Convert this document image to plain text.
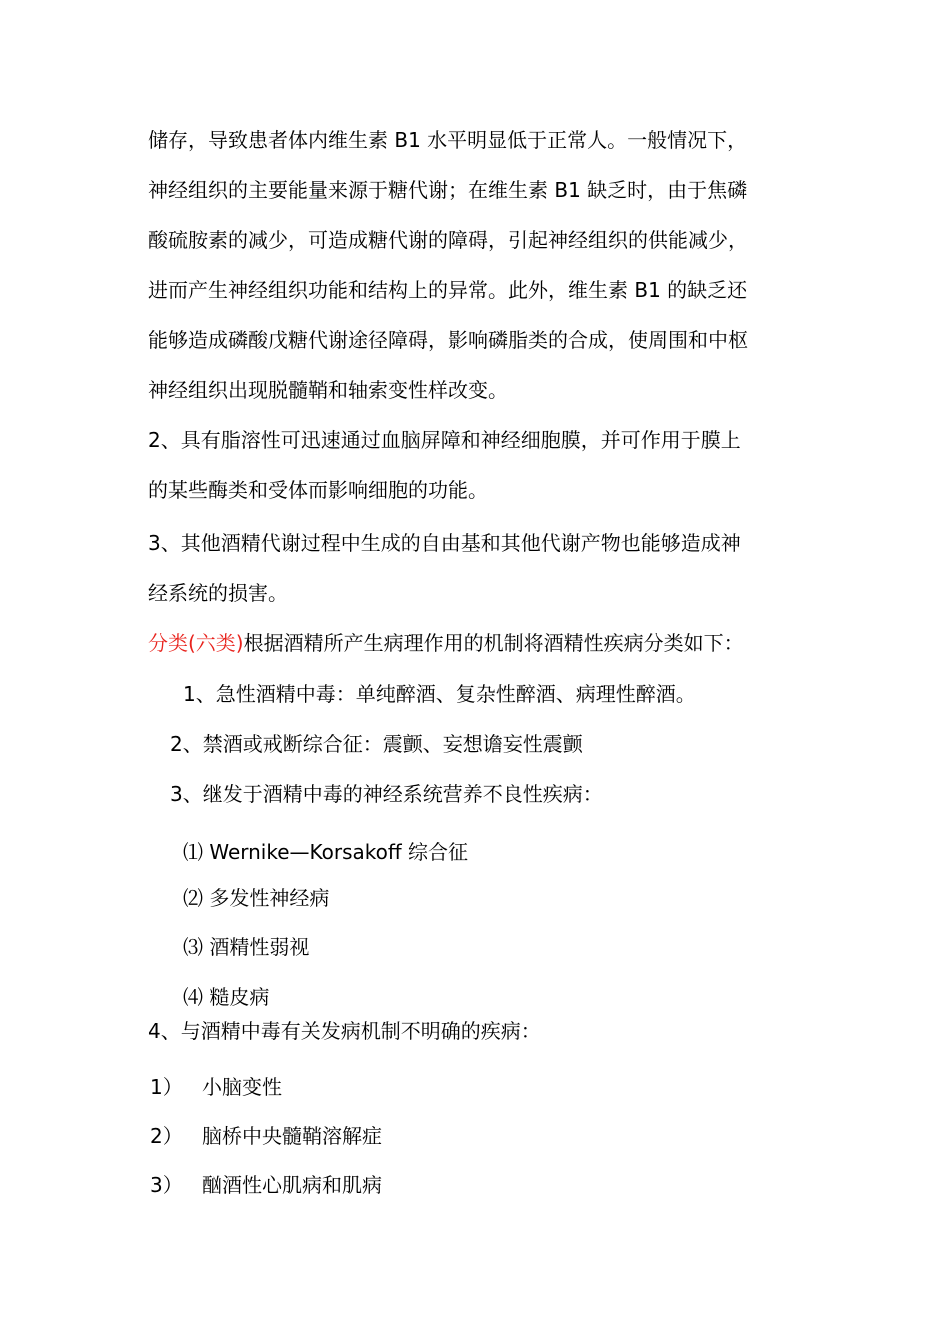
储存，导致患者体内维生素 B1 水平明显低于正常人。一般情况下，
神经组织的主要能量来源于糖代谢；在维生素 B1 缺乏时，由于焦磷
酸硫胺素的减少，可造成糖代谢的障碍，引起神经组织的供能减少，
进而产生神经组织功能和结构上的异常。此外，维生素 B1 的缺乏还
能够造成磷酸戊糖代谢途径障碍，影响磷脂类的合成，使周围和中枢
神经组织出现脱髓鞘和轴索变性样改变。
2、具有脂溶性可迅速通过血脑屏障和神经细胞膜，并可作用于膜上
的某些酶类和受体而影响细胞的功能。
3、其他酒精代谢过程中生成的自由基和其他代谢产物也能够造成神
经系统的损害。
分类(六类)根据酒精所产生病理作用的机制将酒精性疾病分类如下：
1、急性酒精中毒：单纯醉酒、复杂性醉酒、病理性醉酒。
2、禁酒或戒断综合征：震颤、妄想谵妄性震颤
3、继发于酒精中毒的神经系统营养不良性疾病：
⑴ Wernike—Korsakoff 综合征
⑵ 多发性神经病
⑶ 酒精性弱视
⑷ 糙皮病
4、与酒精中毒有关发病机制不明确的疾病：
1） 小脑变性
2） 脑桥中央髓鞘溶解症
3） 酗酒性心肌病和肌病
